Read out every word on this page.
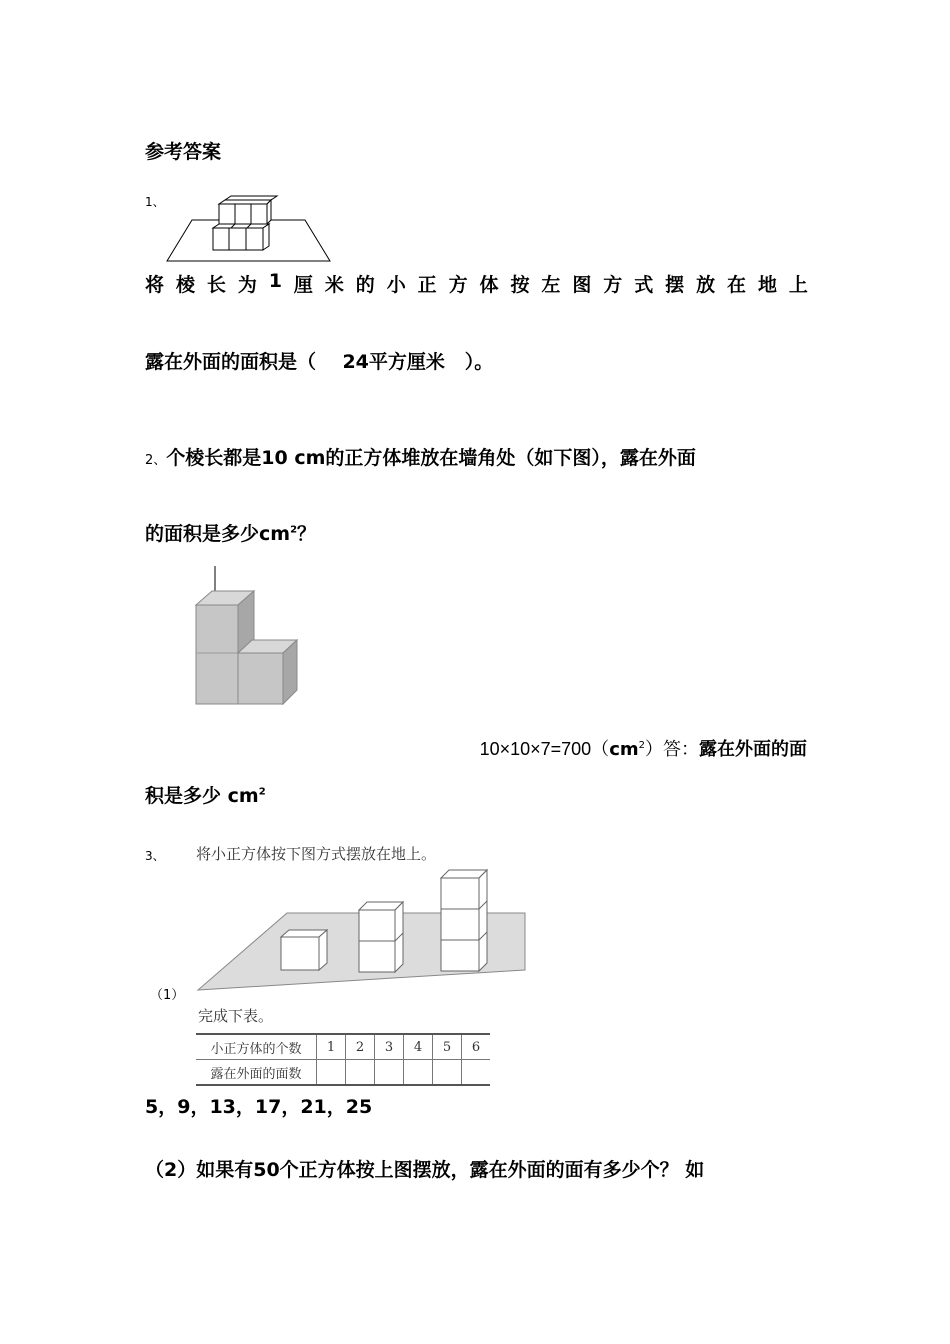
参考答案
1、
将 棱 长 为 1 厘 米 的 小 正 方 体 按 左 图 方 式 摆 放 在 地 上
露在外面的面积是（    24平方厘米   ）。
2、个棱长都是10 cm的正方体堆放在墙角处（如下图），露在外面
的面积是多少$cm^2$？
$10\times 10\times 7=700(cm^2)$答：露在外面的面
积是多少 $cm^2$
3、 将小正方体按下图方式摆放在地上。
（1）
完成下表。
小正方体的个数	1	2	3	4	5	6
露在外面的面数						
5，9，13，17，21，25
（2）如果有50个正方体按上图摆放，露在外面的面有多少个？ 如
